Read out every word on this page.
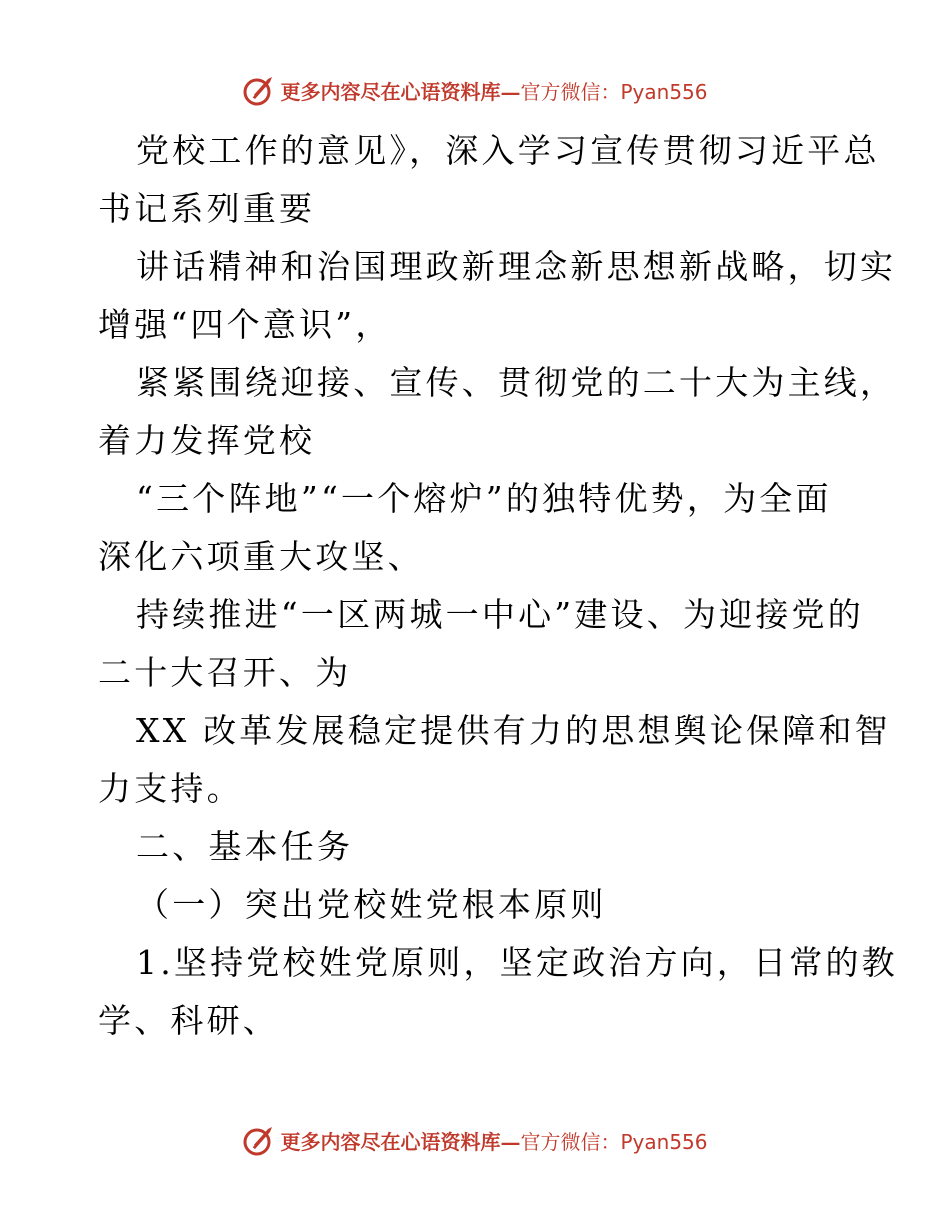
更多内容尽在心语资料库—官方微信：Pyan556
党校工作的意见》，深入学习宣传贯彻习近平总
书记系列重要
讲话精神和治国理政新理念新思想新战略，切实
增强“四个意识”，
紧紧围绕迎接、宣传、贯彻党的二十大为主线，
着力发挥党校
“三个阵地”“一个熔炉”的独特优势，为全面
深化六项重大攻坚、
持续推进“一区两城一中心”建设、为迎接党的
二十大召开、为
XX 改革发展稳定提供有力的思想舆论保障和智
力支持。
二、基本任务
（一）突出党校姓党根本原则
1.坚持党校姓党原则，坚定政治方向，日常的教
学、科研、
更多内容尽在心语资料库—官方微信：Pyan556
